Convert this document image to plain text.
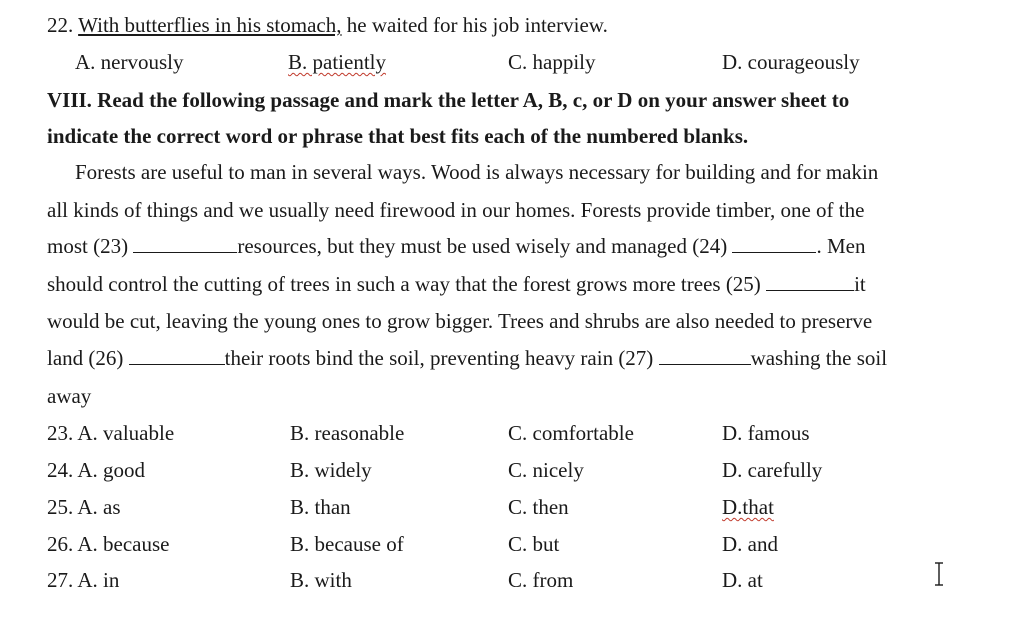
22. With butterflies in his stomach, he waited for his job interview.
A. nervously	B. patiently	C. happily	D. courageously
VIII. Read the following passage and mark the letter A, B, c, or D on your answer sheet to
indicate the correct word or phrase that best fits each of the numbered blanks.
Forests are useful to man in several ways. Wood is always necessary for building and for makin
all kinds of things and we usually need firewood in our homes. Forests provide timber, one of the
most (23)	resources, but they must be used wisely and managed (24)	. Men
should control the cutting of trees in such a way that the forest grows more trees (25)	it
would be cut, leaving the young ones to grow bigger. Trees and shrubs are also needed to preserve
land (26)	their roots bind the soil, preventing heavy rain (27)	washing the soil
away
23. A. valuable	B. reasonable	C. comfortable	D. famous
24. A. good	B. widely	C. nicely	D. carefully
25. A. as	B. than	C. then	D.that
26. A. because	B. because of	C. but	D. and
27. A. in	B. with	C. from	D. at
